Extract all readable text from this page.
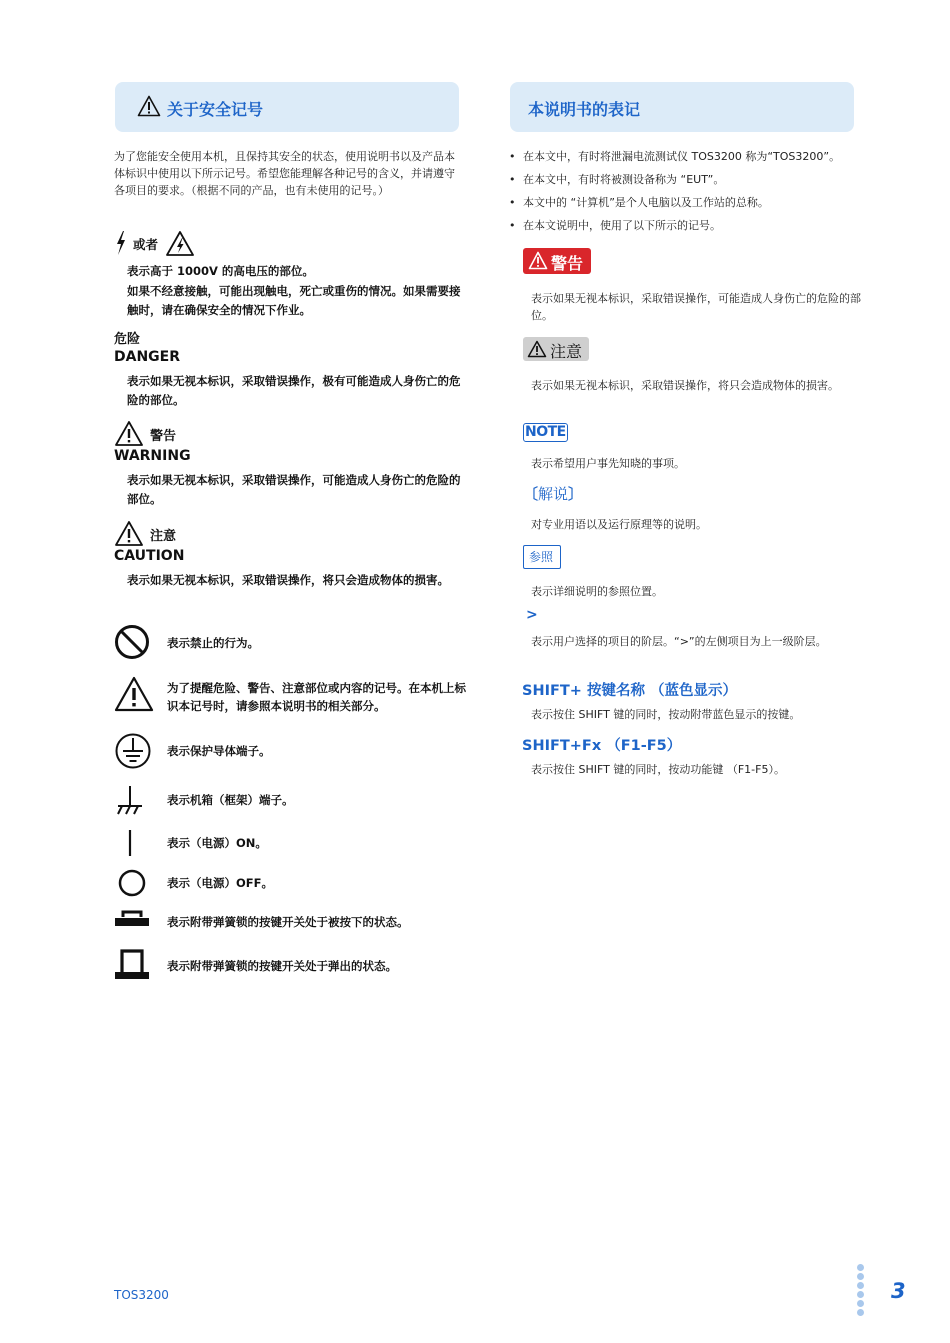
关于安全记号
为了您能安全使用本机，且保持其安全的状态，使用说明书以及产品本体标识中使用以下所示记号。希望您能理解各种记号的含义，并请遵守各项目的要求。（根据不同的产品，也有未使用的记号。）
或者
表示高于 1000V 的高电压的部位。
如果不经意接触，可能出现触电，死亡或重伤的情况。如果需要接触时，请在确保安全的情况下作业。
危险
DANGER
表示如果无视本标识，采取错误操作，极有可能造成人身伤亡的危险的部位。
警告
WARNING
表示如果无视本标识，采取错误操作，可能造成人身伤亡的危险的部位。
注意
CAUTION
表示如果无视本标识，采取错误操作，将只会造成物体的损害。
表示禁止的行为。
为了提醒危险、警告、注意部位或内容的记号。在本机上标识本记号时，请参照本说明书的相关部分。
表示保护导体端子。
表示机箱（框架）端子。
表示（电源）ON。
表示（电源）OFF。
表示附带弹簧锁的按键开关处于被按下的状态。
表示附带弹簧锁的按键开关处于弹出的状态。
本说明书的表记
• 在本文中，有时将泄漏电流测试仪 TOS3200 称为“TOS3200”。
• 在本文中，有时将被测设备称为 “EUT”。
• 本文中的 “计算机”是个人电脑以及工作站的总称。
• 在本文说明中，使用了以下所示的记号。
警告
表示如果无视本标识，采取错误操作，可能造成人身伤亡的危险的部位。
注意
表示如果无视本标识，采取错误操作，将只会造成物体的损害。
NOTE
表示希望用户事先知晓的事项。
〔解说〕
对专业用语以及运行原理等的说明。
参照
表示详细说明的参照位置。
>
表示用户选择的项目的阶层。“>”的左侧项目为上一级阶层。
SHIFT+ 按键名称 （蓝色显示）
表示按住 SHIFT 键的同时，按动附带蓝色显示的按键。
SHIFT+Fx （F1-F5）
表示按住 SHIFT 键的同时，按动功能键 （F1-F5）。
TOS3200	3
